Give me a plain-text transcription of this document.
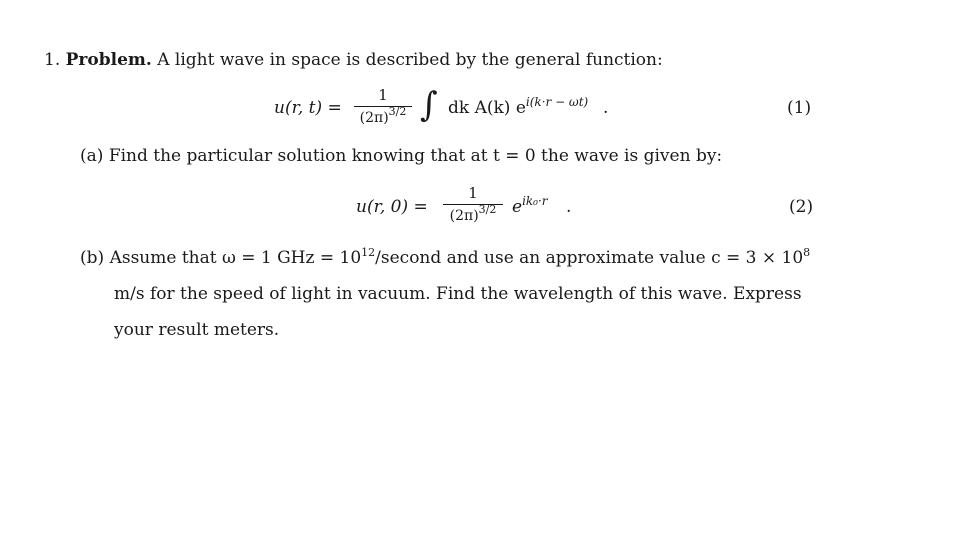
1. Problem. A light wave in space is described by the general function:
u(r, t) =
1
$(2\pi)^{3/2}$ ∫ dk A(k) $e^{i(k\cdot r - \omega t)}$ .	(1)
(a) Find the particular solution knowing that at t = 0 the wave is given by:
u(r, 0) =
1
$(2\pi)^{3/2}$ $e^{ik_0\cdot r}$ .	(2)
(b) Assume that ω = 1 GHz = $10^{12}$/second and use an approximate value $c = 3 \times 10^8$
m/s for the speed of light in vacuum. Find the wavelength of this wave. Express
your result meters.
